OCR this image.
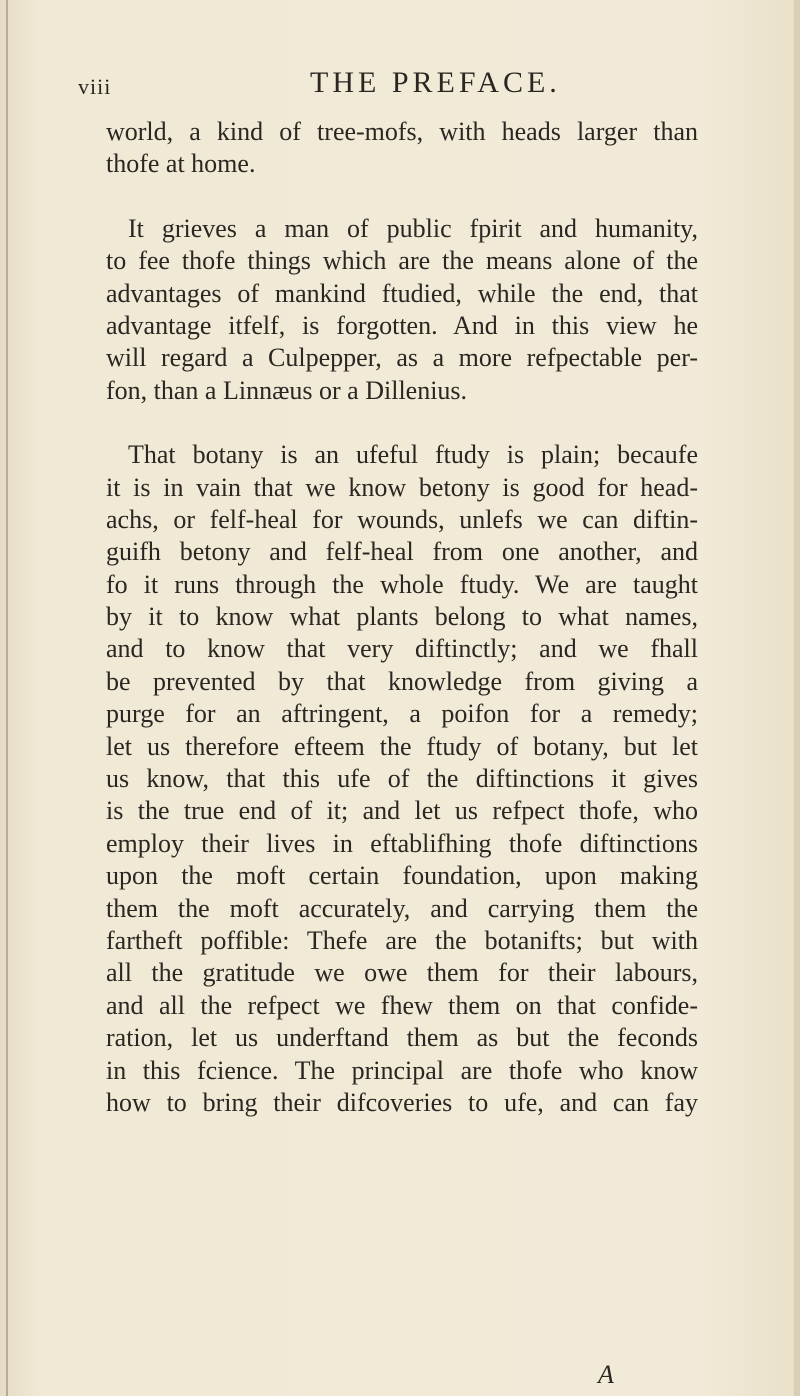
viii	THE PREFACE.
world, a kind of tree-mofs, with heads larger than
thofe at home.
It grieves a man of public fpirit and humanity,
to fee thofe things which are the means alone of the
advantages of mankind ftudied, while the end, that
advantage itfelf, is forgotten. And in this view he
will regard a Culpepper, as a more refpectable per-
fon, than a Linnæus or a Dillenius.
That botany is an ufeful ftudy is plain; becaufe
it is in vain that we know betony is good for head-
achs, or felf-heal for wounds, unlefs we can diftin-
guifh betony and felf-heal from one another, and
fo it runs through the whole ftudy. We are taught
by it to know what plants belong to what names,
and to know that very diftinctly; and we fhall
be prevented by that knowledge from giving a
purge for an aftringent, a poifon for a remedy;
let us therefore efteem the ftudy of botany, but let
us know, that this ufe of the diftinctions it gives
is the true end of it; and let us refpect thofe, who
employ their lives in eftablifhing thofe diftinctions
upon the moft certain foundation, upon making
them the moft accurately, and carrying them the
fartheft poffible: Thefe are the botanifts; but with
all the gratitude we owe them for their labours,
and all the refpect we fhew them on that confide-
ration, let us underftand them as but the feconds
in this fcience. The principal are thofe who know
how to bring their difcoveries to ufe, and can fay
A
